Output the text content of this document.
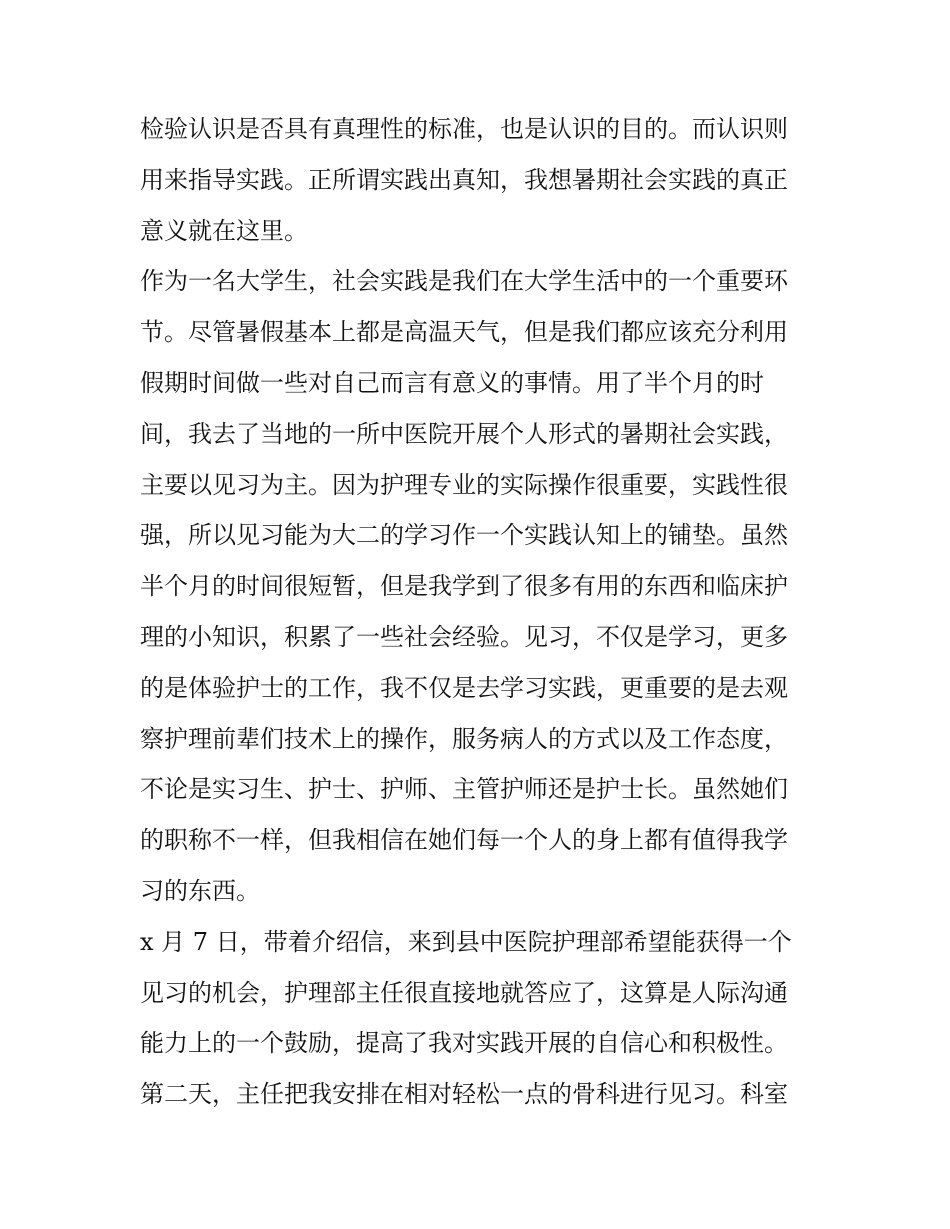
检验认识是否具有真理性的标准，也是认识的目的。而认识则
用来指导实践。正所谓实践出真知，我想暑期社会实践的真正
意义就在这里。
作为一名大学生，社会实践是我们在大学生活中的一个重要环
节。尽管暑假基本上都是高温天气，但是我们都应该充分利用
假期时间做一些对自己而言有意义的事情。用了半个月的时
间，我去了当地的一所中医院开展个人形式的暑期社会实践，
主要以见习为主。因为护理专业的实际操作很重要，实践性很
强，所以见习能为大二的学习作一个实践认知上的铺垫。虽然
半个月的时间很短暂，但是我学到了很多有用的东西和临床护
理的小知识，积累了一些社会经验。见习，不仅是学习，更多
的是体验护士的工作，我不仅是去学习实践，更重要的是去观
察护理前辈们技术上的操作，服务病人的方式以及工作态度，
不论是实习生、护士、护师、主管护师还是护士长。虽然她们
的职称不一样，但我相信在她们每一个人的身上都有值得我学
习的东西。
x 月 7 日，带着介绍信，来到县中医院护理部希望能获得一个
见习的机会，护理部主任很直接地就答应了，这算是人际沟通
能力上的一个鼓励，提高了我对实践开展的自信心和积极性。
第二天，主任把我安排在相对轻松一点的骨科进行见习。科室
